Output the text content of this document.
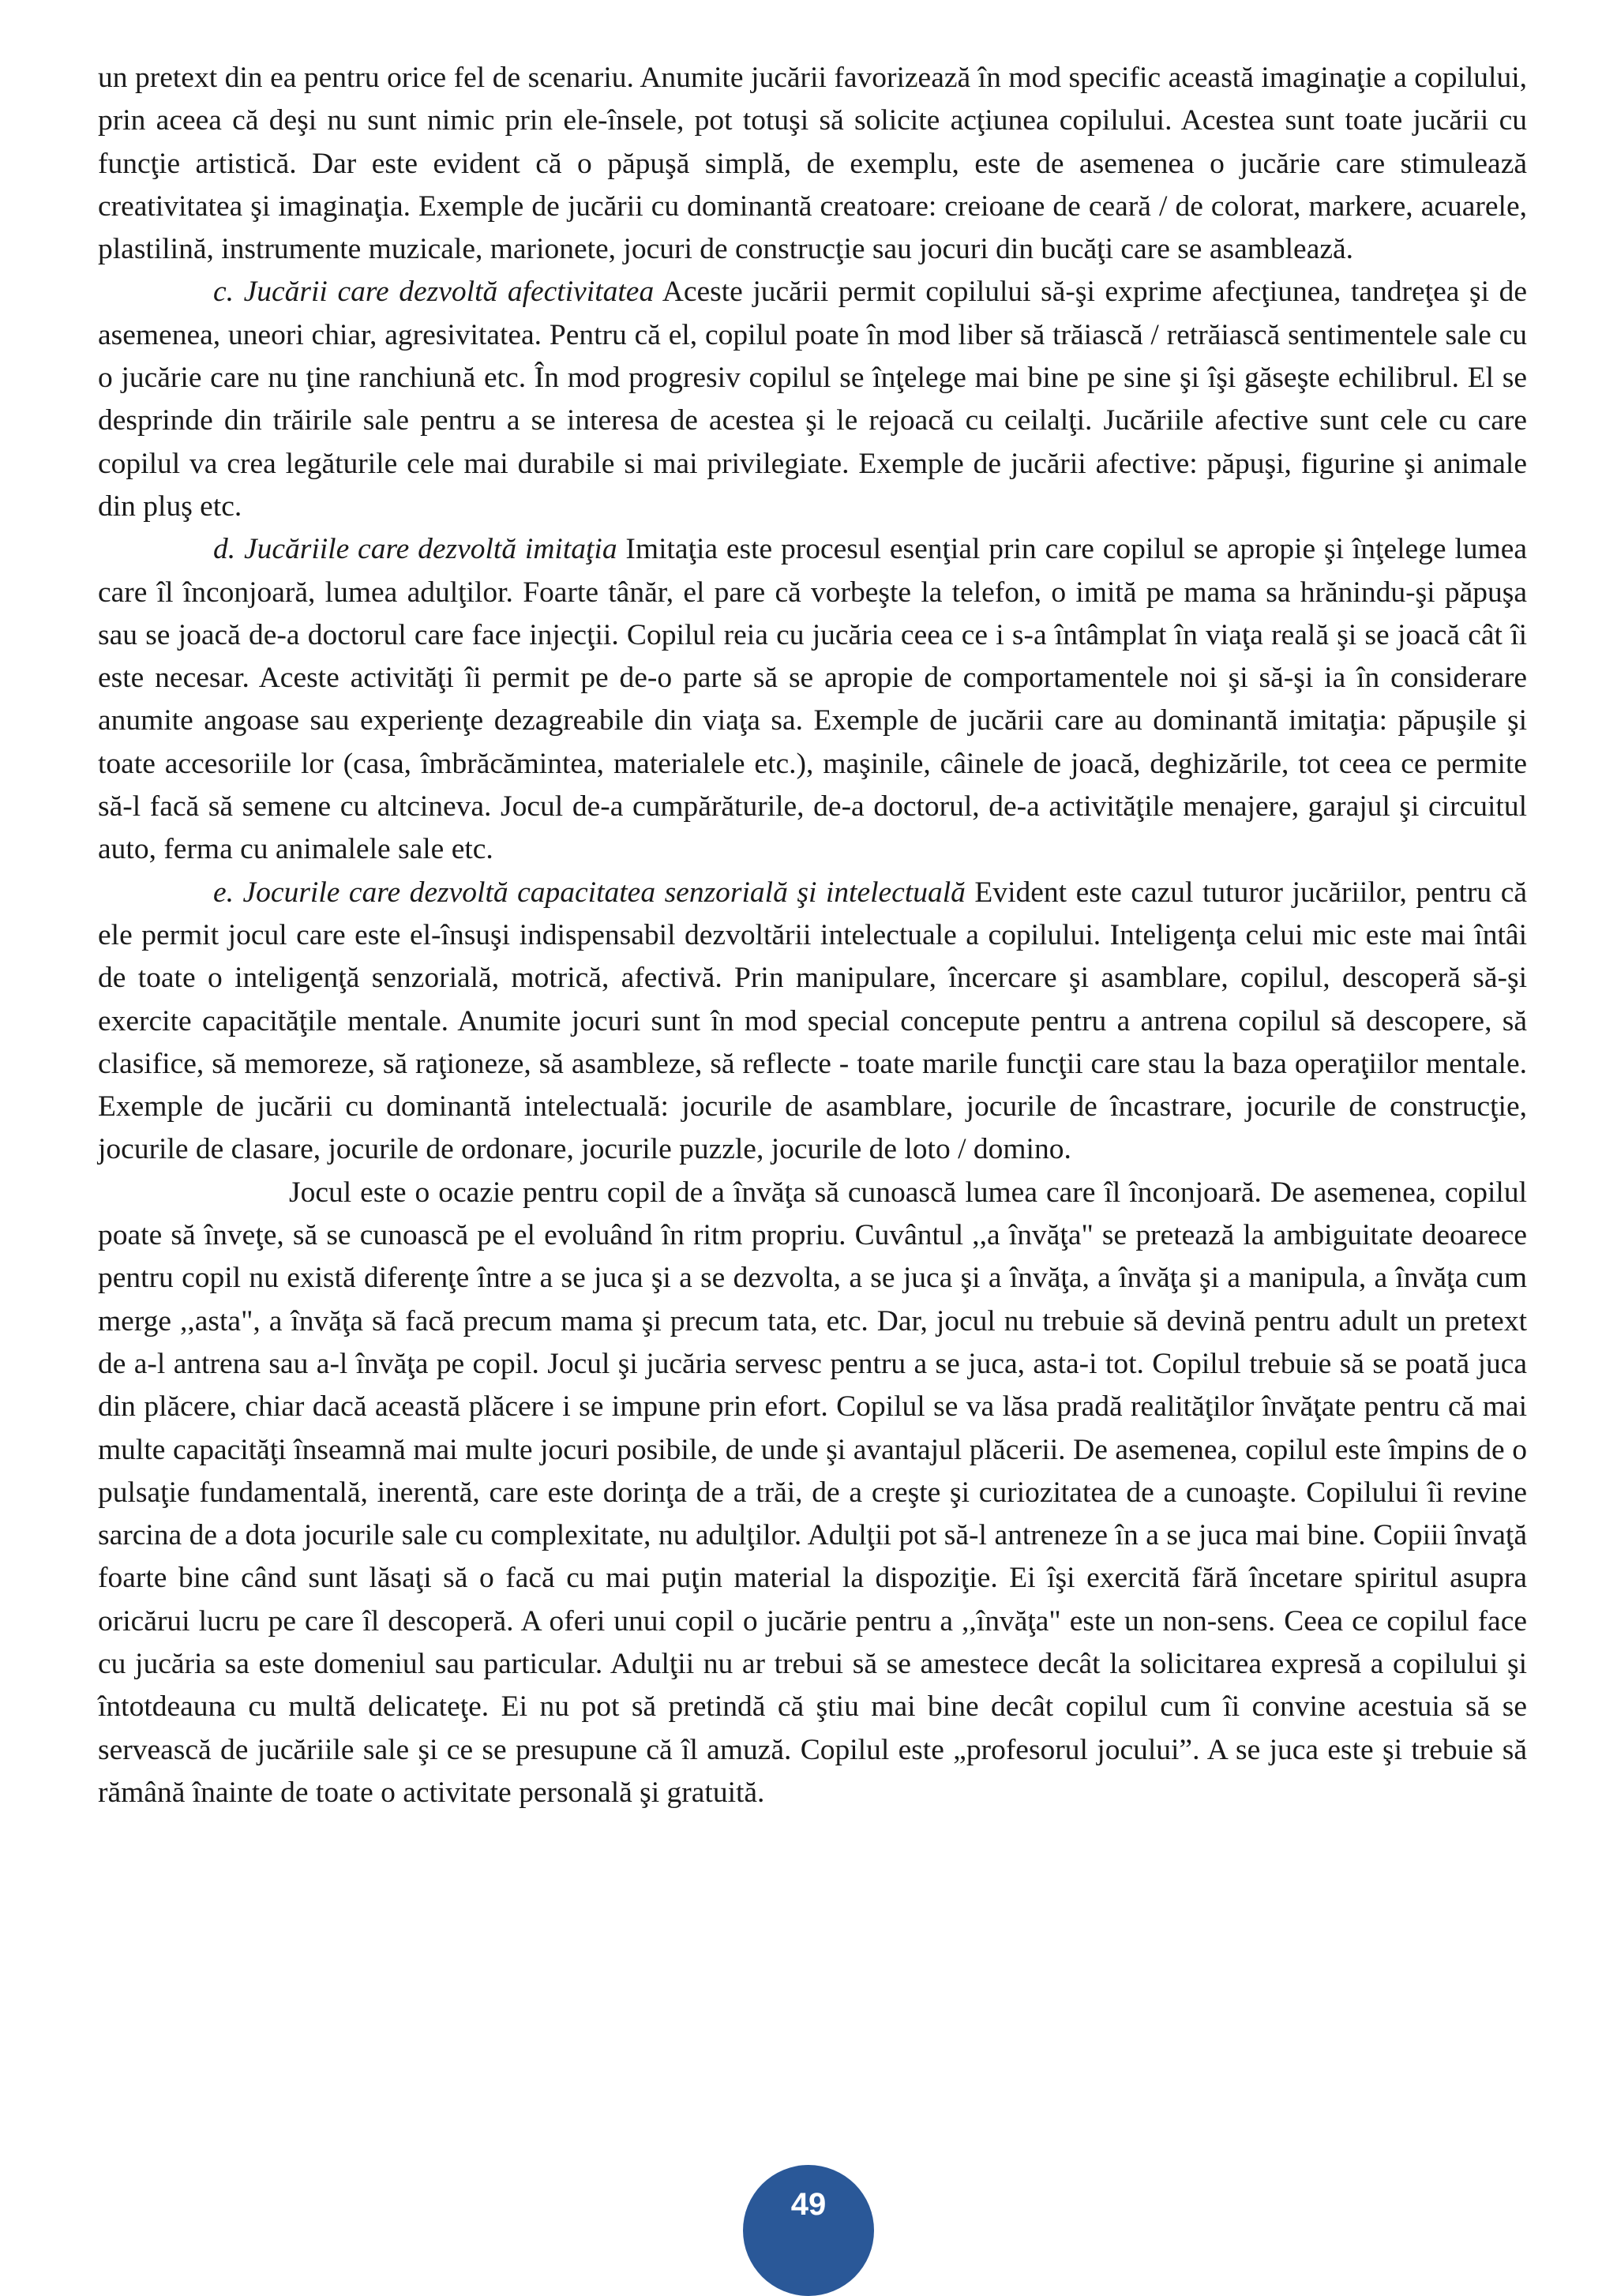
un pretext din ea pentru orice fel de scenariu. Anumite jucării favorizează în mod specific această imaginaţie a copilului, prin aceea că deşi nu sunt nimic prin ele-însele, pot totuşi să solicite acţiunea copilului. Acestea sunt toate jucării cu funcţie artistică. Dar este evident că o păpuşă simplă, de exemplu, este de asemenea o jucărie care stimulează creativitatea şi imaginaţia. Exemple de jucării cu dominantă creatoare: creioane de ceară / de colorat, markere, acuarele, plastilină, instrumente muzicale, marionete, jocuri de construcţie sau jocuri din bucăţi care se asamblează.

c. Jucării care dezvoltă afectivitatea Aceste jucării permit copilului să-şi exprime afecţiunea, tandreţea şi de asemenea, uneori chiar, agresivitatea. Pentru că el, copilul poate în mod liber să trăiască / retrăiască sentimentele sale cu o jucărie care nu ţine ranchiună etc. În mod progresiv copilul se înţelege mai bine pe sine şi îşi găseşte echilibrul. El se desprinde din trăirile sale pentru a se interesa de acestea şi le rejoacă cu ceilalţi. Jucăriile afective sunt cele cu care copilul va crea legăturile cele mai durabile si mai privilegiate. Exemple de jucării afective: păpuşi, figurine şi animale din pluş etc.

d. Jucăriile care dezvoltă imitaţia Imitaţia este procesul esenţial prin care copilul se apropie şi înţelege lumea care îl înconjoară, lumea adulţilor. Foarte tânăr, el pare că vorbeşte la telefon, o imită pe mama sa hrănindu-şi păpuşa sau se joacă de-a doctorul care face injecţii. Copilul reia cu jucăria ceea ce i s-a întâmplat în viaţa reală şi se joacă cât îi este necesar. Aceste activităţi îi permit pe de-o parte să se apropie de comportamentele noi şi să-şi ia în considerare anumite angoase sau experienţe dezagreabile din viaţa sa. Exemple de jucării care au dominantă imitaţia: păpuşile şi toate accesoriile lor (casa, îmbrăcămintea, materialele etc.), maşinile, câinele de joacă, deghizările, tot ceea ce permite să-l facă să semene cu altcineva. Jocul de-a cumpărăturile, de-a doctorul, de-a activităţile menajere, garajul şi circuitul auto, ferma cu animalele sale etc.

e. Jocurile care dezvoltă capacitatea senzorială şi intelectuală Evident este cazul tuturor jucăriilor, pentru că ele permit jocul care este el-însuşi indispensabil dezvoltării intelectuale a copilului. Inteligenţa celui mic este mai întâi de toate o inteligenţă senzorială, motrică, afectivă. Prin manipulare, încercare şi asamblare, copilul, descoperă să-şi exercite capacităţile mentale. Anumite jocuri sunt în mod special concepute pentru a antrena copilul să descopere, să clasifice, să memoreze, să raţioneze, să asambleze, să reflecte - toate marile funcţii care stau la baza operaţiilor mentale. Exemple de jucării cu dominantă intelectuală: jocurile de asamblare, jocurile de încastrare, jocurile de construcţie, jocurile de clasare, jocurile de ordonare, jocurile puzzle, jocurile de loto / domino.

Jocul este o ocazie pentru copil de a învăţa să cunoască lumea care îl înconjoară. De asemenea, copilul poate să înveţe, să se cunoască pe el evoluând în ritm propriu. Cuvântul ,,a învăţa" se pretează la ambiguitate deoarece pentru copil nu există diferenţe între a se juca şi a se dezvolta, a se juca şi a învăţa, a învăţa şi a manipula, a învăţa cum merge ,,asta", a învăţa să facă precum mama şi precum tata, etc. Dar, jocul nu trebuie să devină pentru adult un pretext de a-l antrena sau a-l învăţa pe copil. Jocul şi jucăria servesc pentru a se juca, asta-i tot. Copilul trebuie să se poată juca din plăcere, chiar dacă această plăcere i se impune prin efort. Copilul se va lăsa pradă realităţilor învăţate pentru că mai multe capacităţi înseamnă mai multe jocuri posibile, de unde şi avantajul plăcerii. De asemenea, copilul este împins de o pulsaţie fundamentală, inerentă, care este dorinţa de a trăi, de a creşte şi curiozitatea de a cunoaşte. Copilului îi revine sarcina de a dota jocurile sale cu complexitate, nu adulţilor. Adulţii pot să-l antreneze în a se juca mai bine. Copiii învaţă foarte bine când sunt lăsaţi să o facă cu mai puţin material la dispoziţie. Ei îşi exercită fără încetare spiritul asupra oricărui lucru pe care îl descoperă. A oferi unui copil o jucărie pentru a ,,învăţa" este un non-sens. Ceea ce copilul face cu jucăria sa este domeniul sau particular. Adulţii nu ar trebui să se amestece decât la solicitarea expresă a copilului şi întotdeauna cu multă delicateţe. Ei nu pot să pretindă că ştiu mai bine decât copilul cum îi convine acestuia să se servească de jucăriile sale şi ce se presupune că îl amuză. Copilul este „profesorul jocului”. A se juca este şi trebuie să rămână înainte de toate o activitate personală şi gratuită.

49
